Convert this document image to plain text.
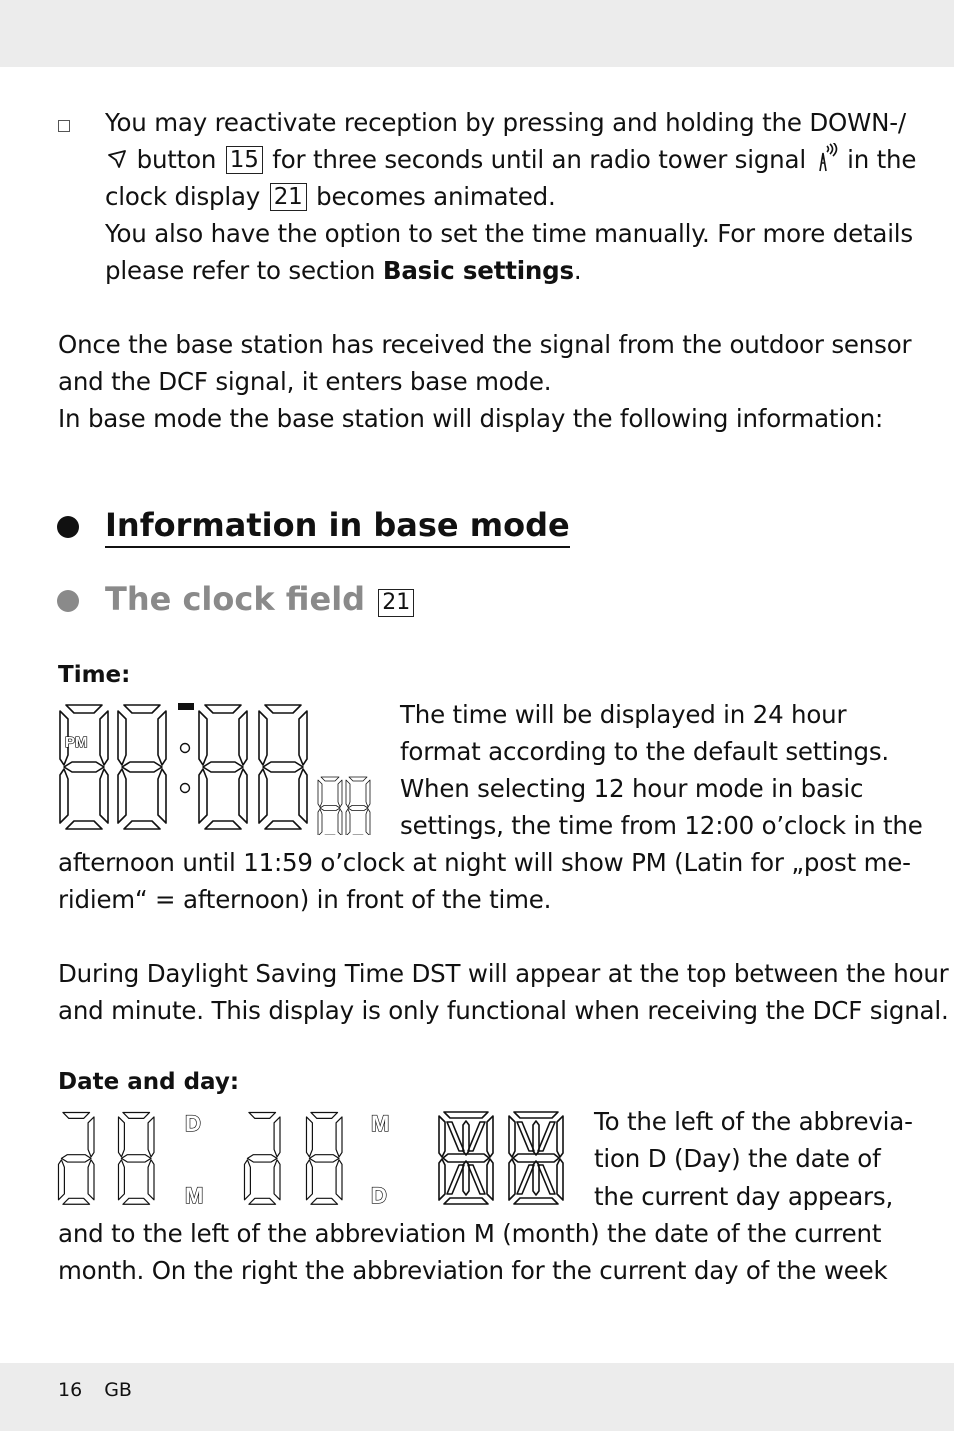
You may reactivate reception by pressing and holding the DOWN-/
button 15 for three seconds until an radio tower signal in the
clock display 21 becomes animated.
You also have the option to set the time manually. For more details
please refer to section Basic settings.
Once the base station has received the signal from the outdoor sensor
and the DCF signal, it enters base mode.
In base mode the base station will display the following information:
Information in base mode
The clock field 21
Time:
PM
The time will be displayed in 24 hour
format according to the default settings.
When selecting 12 hour mode in basic
settings, the time from 12:00 o’clock in the
afternoon until 11:59 o’clock at night will show PM (Latin for „post me-
ridiem“ = afternoon) in front of the time.
During Daylight Saving Time DST will appear at the top between the hour
and minute. This display is only functional when receiving the DCF signal.
Date and day:
D
M
M
D
To the left of the abbrevia-
tion D (Day) the date of
the current day appears,
and to the left of the abbreviation M (month) the date of the current
month. On the right the abbreviation for the current day of the week
16 GB
